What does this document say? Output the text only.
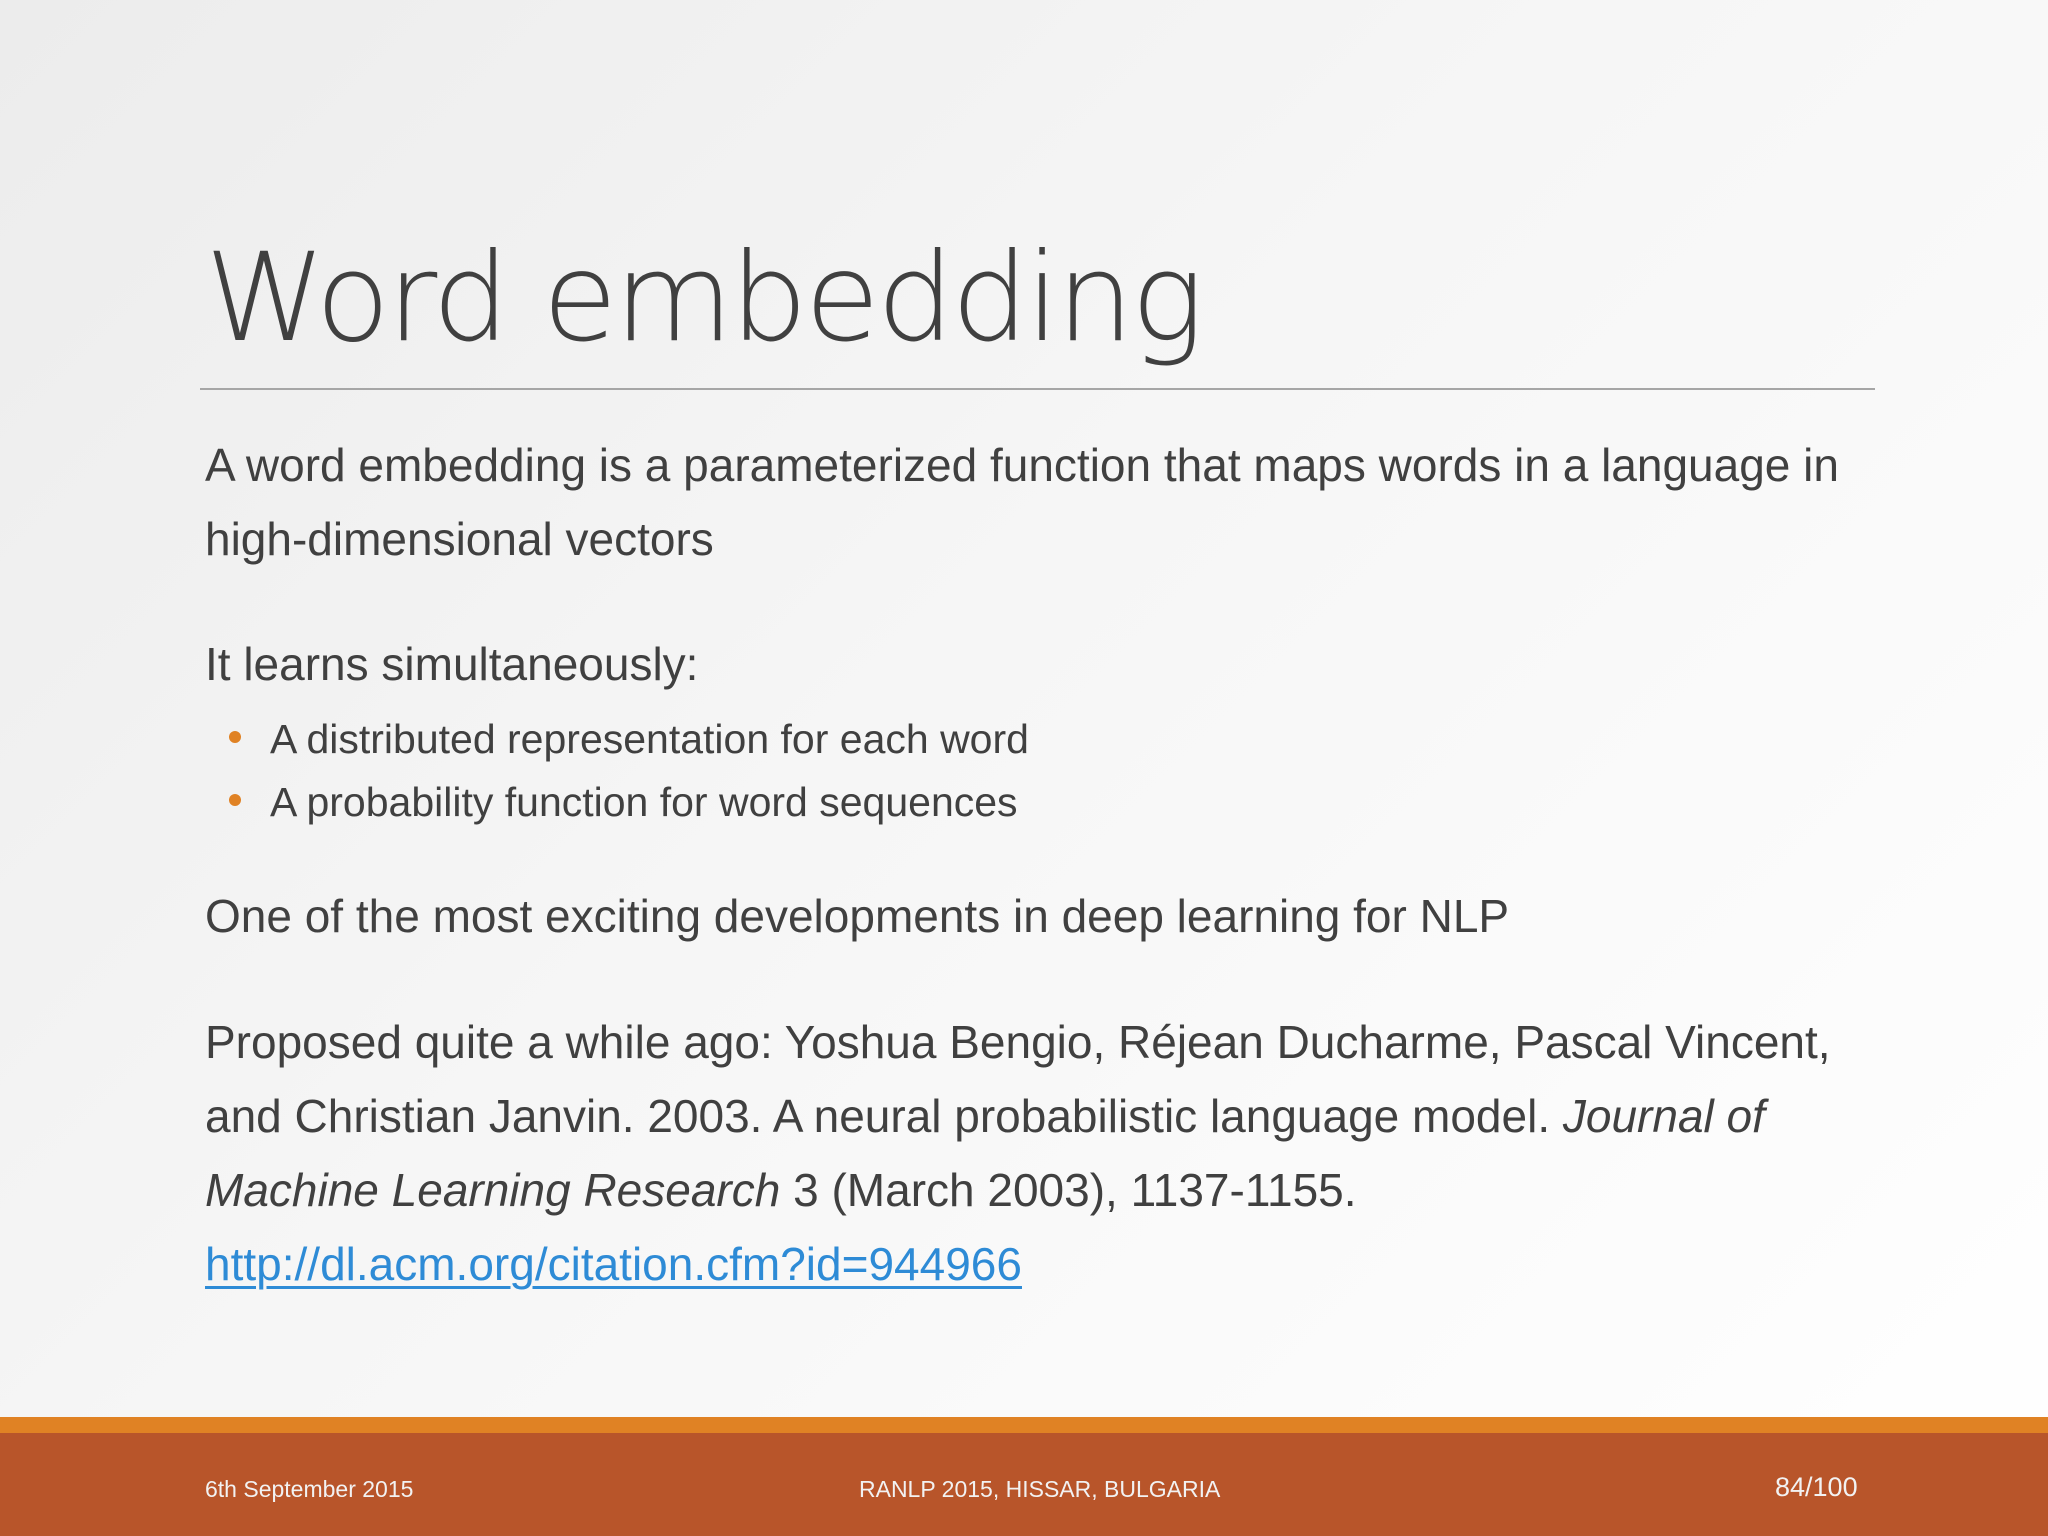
Word embedding

A word embedding is a parameterized function that maps words in a language in high-dimensional vectors

It learns simultaneously:

A distributed representation for each word
A probability function for word sequences

One of the most exciting developments in deep learning for NLP

Proposed quite a while ago: Yoshua Bengio, Réjean Ducharme, Pascal Vincent, and Christian Janvin. 2003. A neural probabilistic language model. Journal of Machine Learning Research 3 (March 2003), 1137-1155.
http://dl.acm.org/citation.cfm?id=944966

6th September 2015	RANLP 2015, HISSAR, BULGARIA	84/100
